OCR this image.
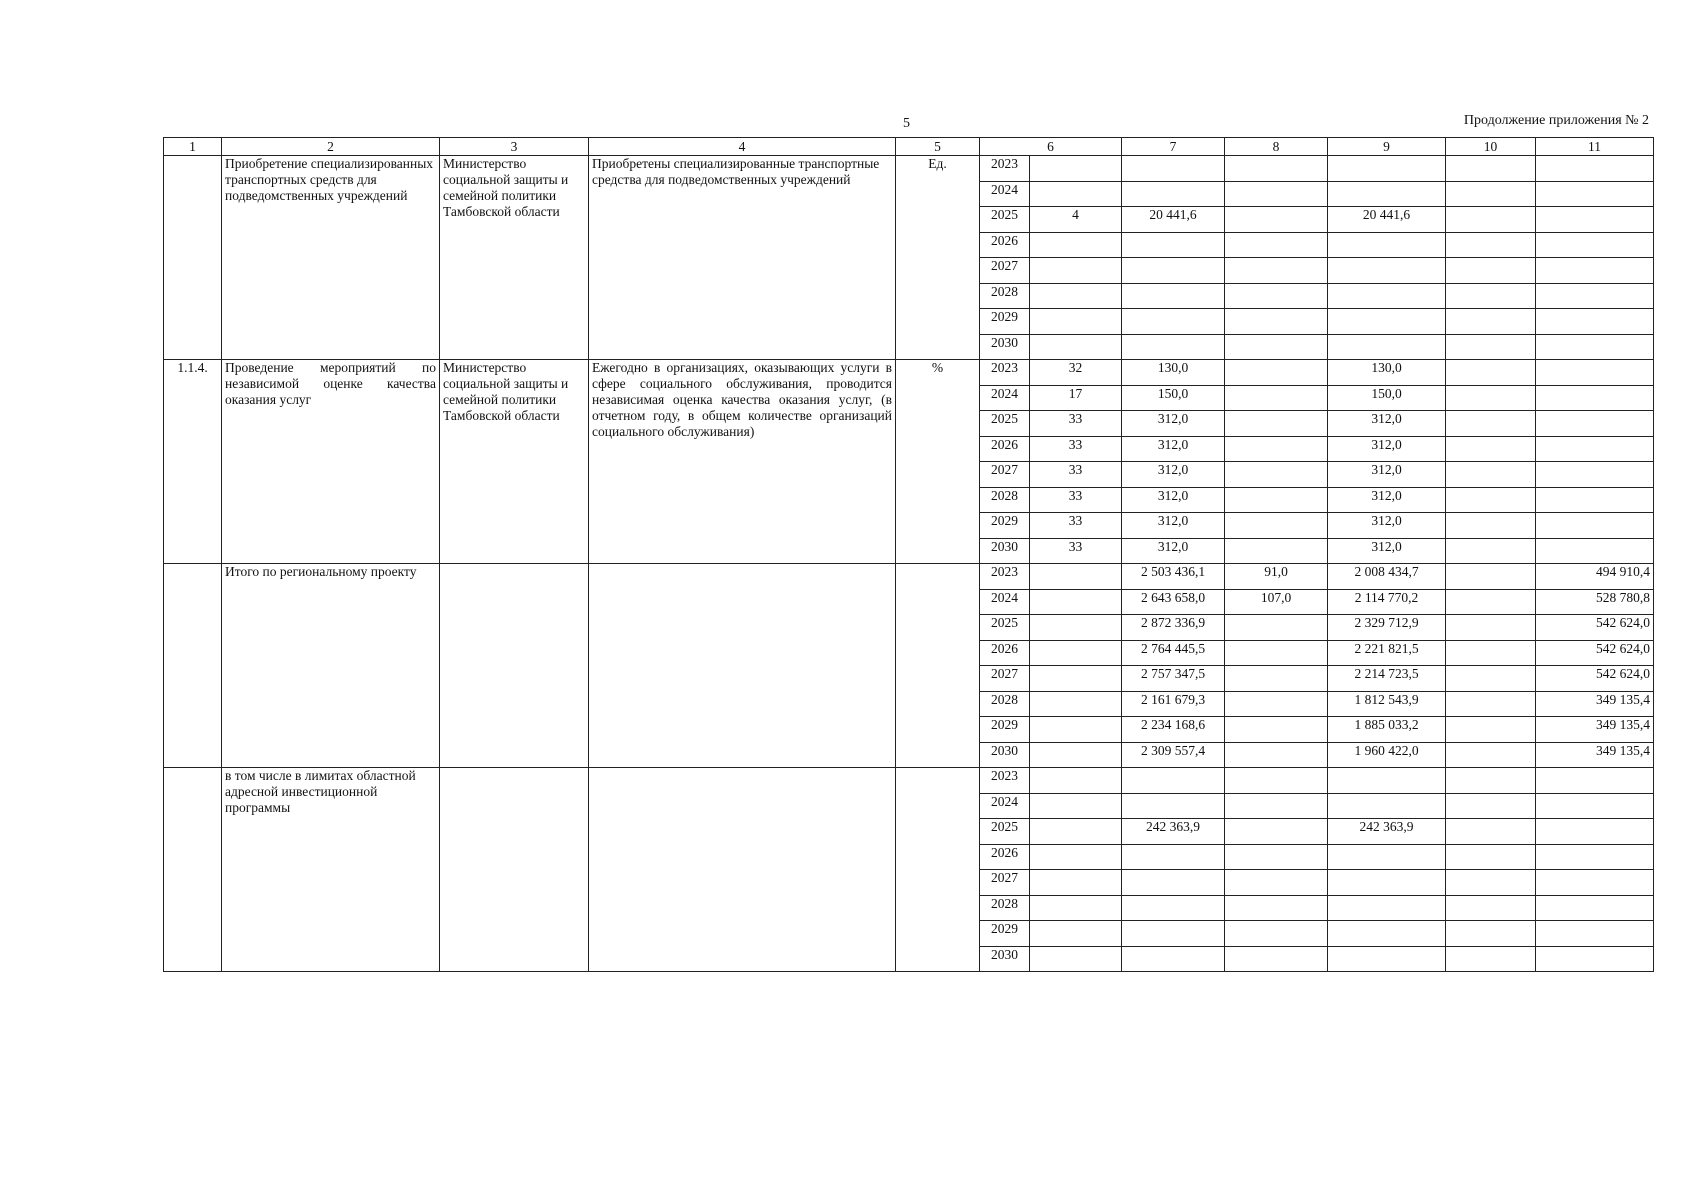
5	Продолжение приложения № 2
1	2	3	4	5	6		7	8	9	10	11
	Приобретение специализированных транспортных средств для подведомственных учреждений	Министерство социальной защиты и семейной политики Тамбовской области	Приобретены специализированные транспортные средства для подведомственных учреждений	Ед.	2023						
					2024						
					2025	4	20 441,6		20 441,6		
					2026						
					2027						
					2028						
					2029						
					2030						
1.1.4.	Проведение мероприятий по независимой оценке качества оказания услуг	Министерство социальной защиты и семейной политики Тамбовской области	Ежегодно в организациях, оказывающих услуги в сфере социального обслуживания, проводится независимая оценка качества оказания услуг, (в отчетном году, в общем количестве организаций социального обслуживания)	%	2023	32	130,0		130,0		
					2024	17	150,0		150,0		
					2025	33	312,0		312,0		
					2026	33	312,0		312,0		
					2027	33	312,0		312,0		
					2028	33	312,0		312,0		
					2029	33	312,0		312,0		
					2030	33	312,0		312,0		
	Итого по региональному проекту				2023		2 503 436,1	91,0	2 008 434,7		494 910,4
					2024		2 643 658,0	107,0	2 114 770,2		528 780,8
					2025		2 872 336,9		2 329 712,9		542 624,0
					2026		2 764 445,5		2 221 821,5		542 624,0
					2027		2 757 347,5		2 214 723,5		542 624,0
					2028		2 161 679,3		1 812 543,9		349 135,4
					2029		2 234 168,6		1 885 033,2		349 135,4
					2030		2 309 557,4		1 960 422,0		349 135,4
	в том числе в лимитах областной адресной инвестиционной программы				2023						
					2024						
					2025		242 363,9		242 363,9		
					2026						
					2027						
					2028						
					2029						
					2030						
